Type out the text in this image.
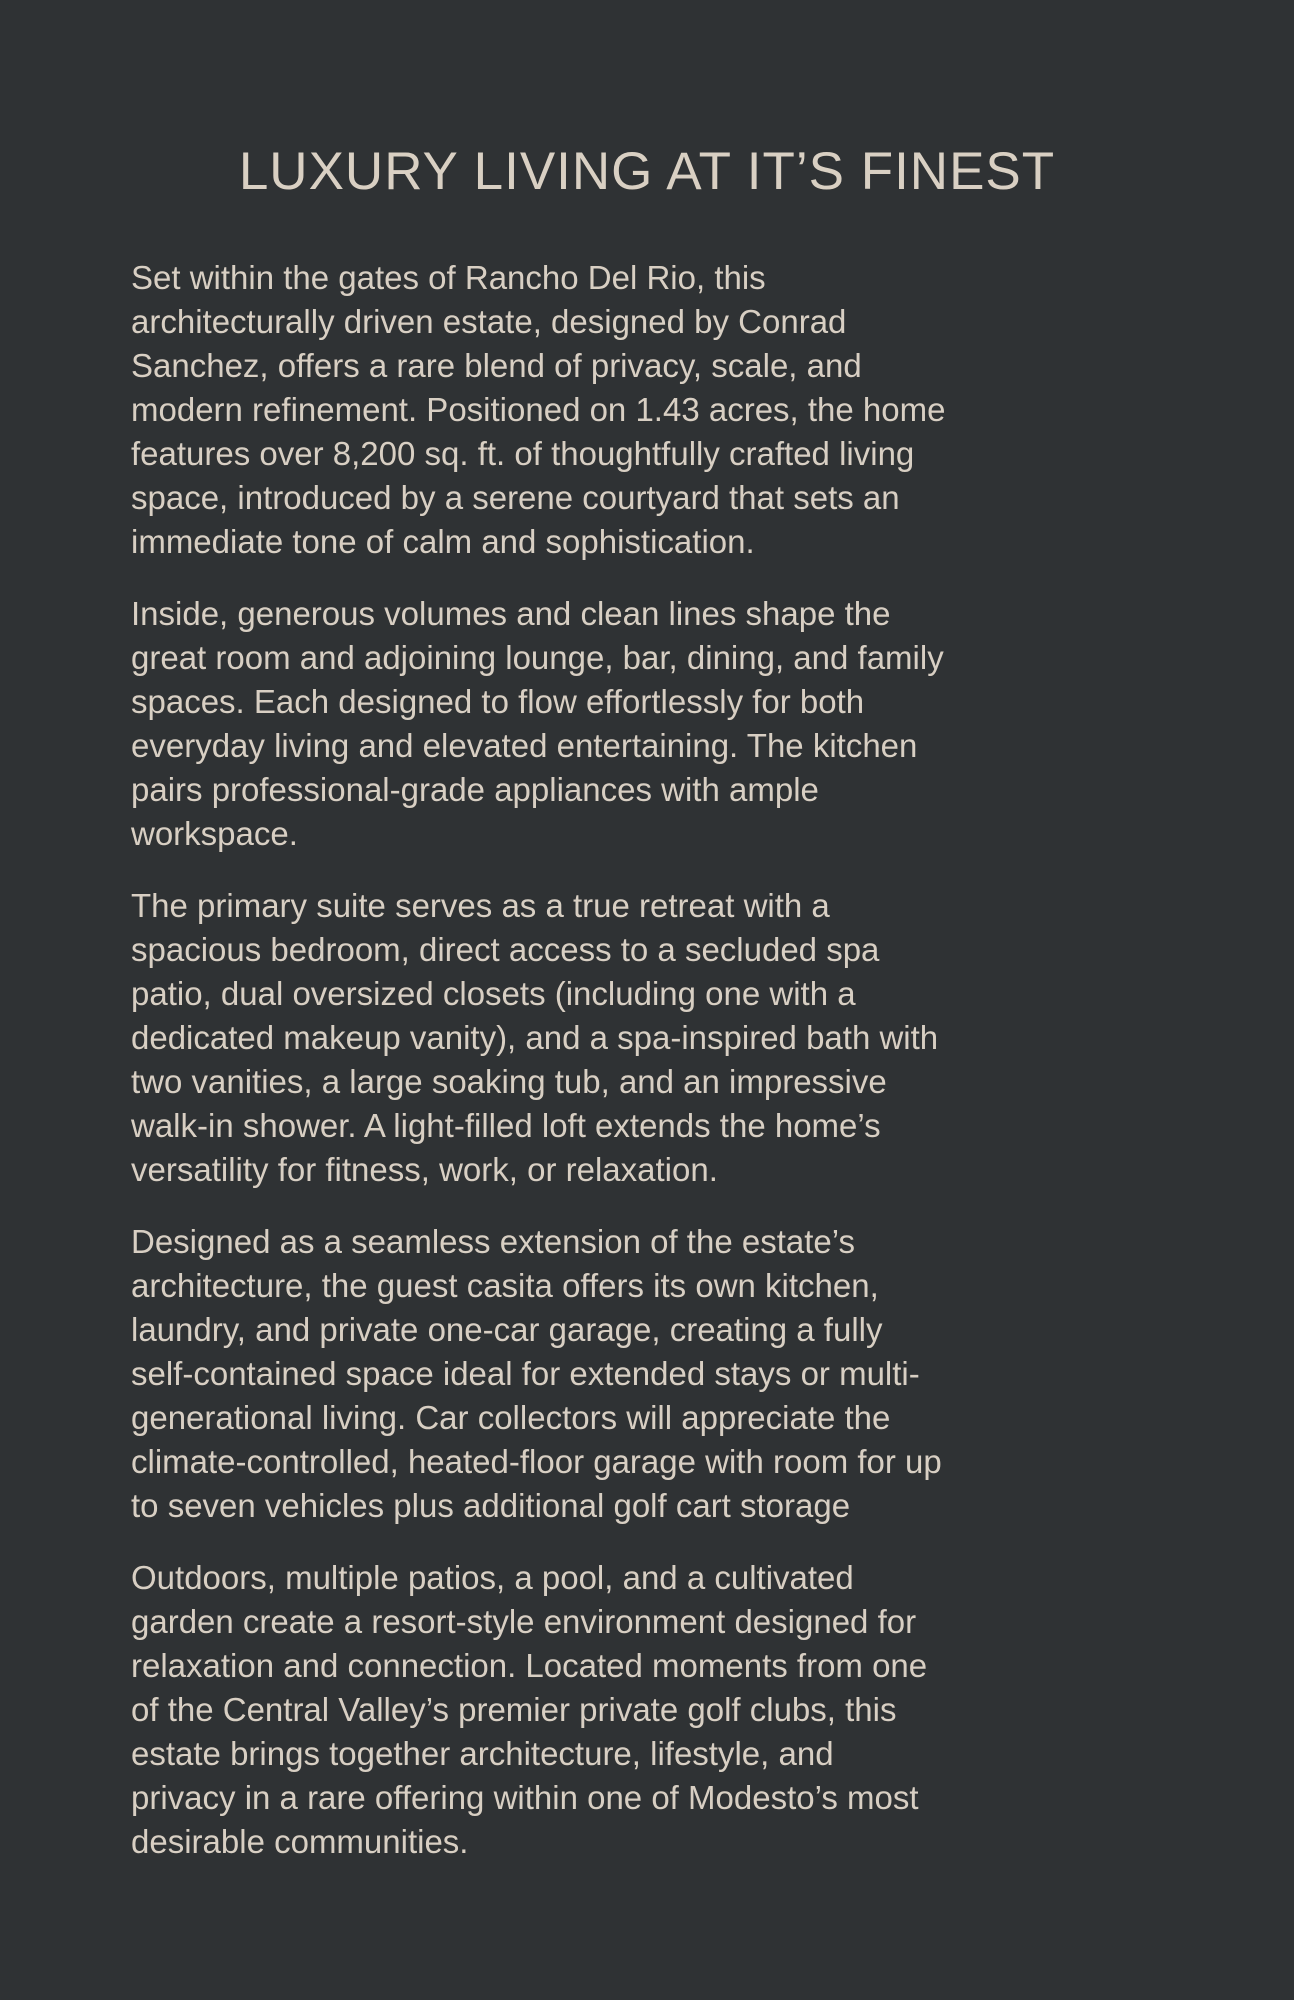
LUXURY LIVING AT IT’S FINEST

Set within the gates of Rancho Del Rio, this architecturally driven estate, designed by Conrad Sanchez, offers a rare blend of privacy, scale, and modern refinement. Positioned on 1.43 acres, the home features over 8,200 sq. ft. of thoughtfully crafted living space, introduced by a serene courtyard that sets an immediate tone of calm and sophistication.

Inside, generous volumes and clean lines shape the great room and adjoining lounge, bar, dining, and family spaces. Each designed to flow effortlessly for both everyday living and elevated entertaining. The kitchen pairs professional-grade appliances with ample workspace.

The primary suite serves as a true retreat with a spacious bedroom, direct access to a secluded spa patio, dual oversized closets (including one with a dedicated makeup vanity), and a spa-inspired bath with two vanities, a large soaking tub, and an impressive walk-in shower. A light-filled loft extends the home’s versatility for fitness, work, or relaxation.

Designed as a seamless extension of the estate’s architecture, the guest casita offers its own kitchen, laundry, and private one-car garage, creating a fully self-contained space ideal for extended stays or multi-generational living. Car collectors will appreciate the climate-controlled, heated-floor garage with room for up to seven vehicles plus additional golf cart storage

Outdoors, multiple patios, a pool, and a cultivated garden create a resort-style environment designed for relaxation and connection. Located moments from one of the Central Valley’s premier private golf clubs, this estate brings together architecture, lifestyle, and privacy in a rare offering within one of Modesto’s most desirable communities.
